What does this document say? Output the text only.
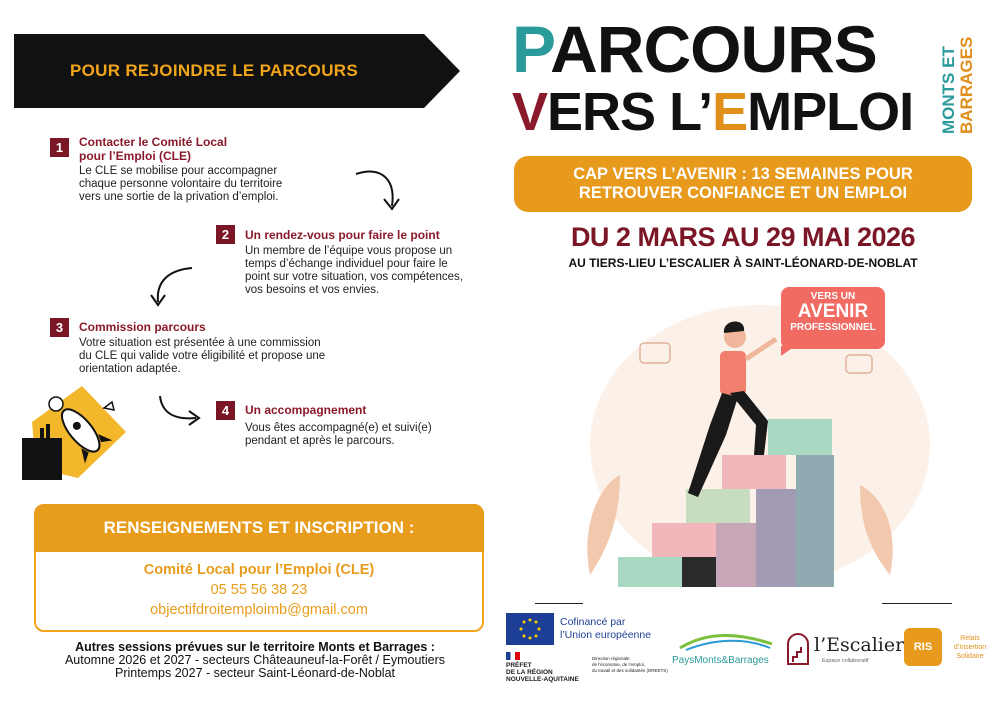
POUR REJOINDRE LE PARCOURS
1	Contacter le Comité Local
pour l’Emploi (CLE)
Le CLE se mobilise pour accompagner
chaque personne volontaire du territoire
vers une sortie de la privation d’emploi.
2	Un rendez-vous pour faire le point
Un membre de l’équipe vous propose un
temps d’échange individuel pour faire le
point sur votre situation, vos compétences,
vos besoins et vos envies.
3	Commission parcours
Votre situation est présentée à une commission
du CLE qui valide votre éligibilité et propose une
orientation adaptée.
4	Un accompagnement
Vous êtes accompagné(e) et suivi(e)
pendant et après le parcours.
RENSEIGNEMENTS ET INSCRIPTION :
Comité Local pour l’Emploi (CLE)
05 55 56 38 23
objectifdroitemploimb@gmail.com
Autres sessions prévues sur le territoire Monts et Barrages :
Automne 2026 et 2027 - secteurs Châteauneuf-la-Forêt / Eymoutiers
Printemps 2027 - secteur Saint-Léonard-de-Noblat
PARCOURS
VERS L’EMPLOI MONTS ET BARRAGES
CAP VERS L’AVENIR : 13 SEMAINES POUR
RETROUVER CONFIANCE ET UN EMPLOI
DU 2 MARS AU 29 MAI 2026
AU TIERS-LIEU L’ESCALIER À SAINT-LÉONARD-DE-NOBLAT
VERS UN
AVENIR
PROFESSIONNEL
Cofinancé par
l’Union européenne
PRÉFET
DE LA RÉGION
NOUVELLE-AQUITAINE
Direction régionale
de l’économie, de l’emploi,
du travail et des solidarités (DREETS)
PaysMonts&Barrages
l’Escalier
Espace collaboratif
RIS
Relais
d’Insertion
Solidaire
